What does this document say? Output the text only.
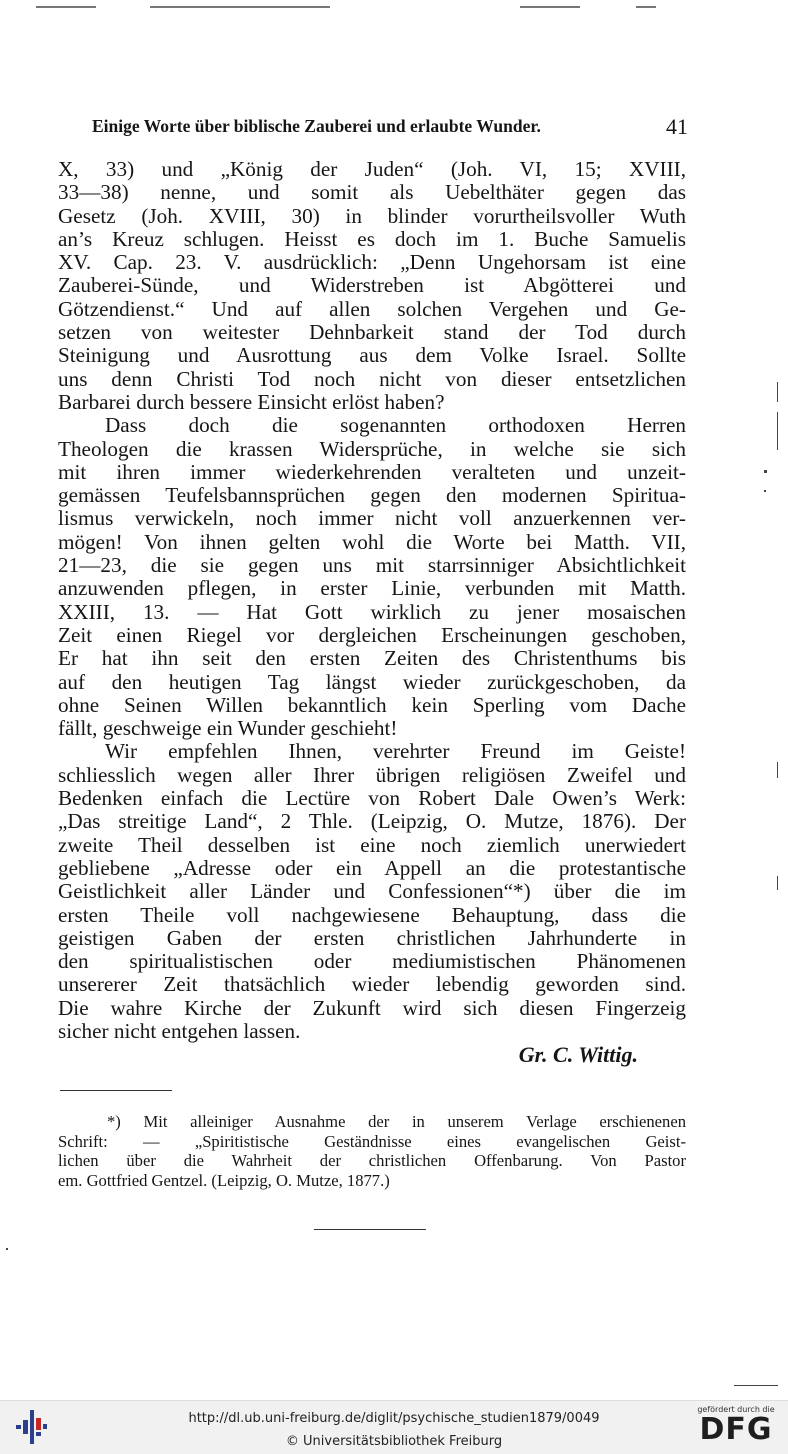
Einige Worte über biblische Zauberei und erlaubte Wunder.	41
X, 33) und „König der Juden“ (Joh. VI, 15; XVIII,
33—38) nenne, und somit als Uebelthäter gegen das
Gesetz (Joh. XVIII, 30) in blinder vorurtheilsvoller Wuth
an’s Kreuz schlugen. Heisst es doch im 1. Buche Samuelis
XV. Cap. 23. V. ausdrücklich: „Denn Ungehorsam ist eine
Zauberei-Sünde, und Widerstreben ist Abgötterei und
Götzendienst.“ Und auf allen solchen Vergehen und Ge-
setzen von weitester Dehnbarkeit stand der Tod durch
Steinigung und Ausrottung aus dem Volke Israel. Sollte
uns denn Christi Tod noch nicht von dieser entsetzlichen
Barbarei durch bessere Einsicht erlöst haben?
Dass doch die sogenannten orthodoxen Herren
Theologen die krassen Widersprüche, in welche sie sich
mit ihren immer wiederkehrenden veralteten und unzeit-
gemässen Teufelsbannsprüchen gegen den modernen Spiritua-
lismus verwickeln, noch immer nicht voll anzuerkennen ver-
mögen! Von ihnen gelten wohl die Worte bei Matth. VII,
21—23, die sie gegen uns mit starrsinniger Absichtlichkeit
anzuwenden pflegen, in erster Linie, verbunden mit Matth.
XXIII, 13. — Hat Gott wirklich zu jener mosaischen
Zeit einen Riegel vor dergleichen Erscheinungen geschoben,
Er hat ihn seit den ersten Zeiten des Christenthums bis
auf den heutigen Tag längst wieder zurückgeschoben, da
ohne Seinen Willen bekanntlich kein Sperling vom Dache
fällt, geschweige ein Wunder geschieht!
Wir empfehlen Ihnen, verehrter Freund im Geiste!
schliesslich wegen aller Ihrer übrigen religiösen Zweifel und
Bedenken einfach die Lectüre von Robert Dale Owen’s Werk:
„Das streitige Land“, 2 Thle. (Leipzig, O. Mutze, 1876). Der
zweite Theil desselben ist eine noch ziemlich unerwiedert
gebliebene „Adresse oder ein Appell an die protestantische
Geistlichkeit aller Länder und Confessionen“*) über die im
ersten Theile voll nachgewiesene Behauptung, dass die
geistigen Gaben der ersten christlichen Jahrhunderte in
den spiritualistischen oder mediumistischen Phänomenen
unsererer Zeit thatsächlich wieder lebendig geworden sind.
Die wahre Kirche der Zukunft wird sich diesen Fingerzeig
sicher nicht entgehen lassen.
Gr. C. Wittig.
*) Mit alleiniger Ausnahme der in unserem Verlage erschienenen
Schrift: — „Spiritistische Geständnisse eines evangelischen Geist-
lichen über die Wahrheit der christlichen Offenbarung. Von Pastor
em. Gottfried Gentzel. (Leipzig, O. Mutze, 1877.)
http://dl.ub.uni-freiburg.de/diglit/psychische_studien1879/0049
© Universitätsbibliothek Freiburg
gefördert durch die
DFG
